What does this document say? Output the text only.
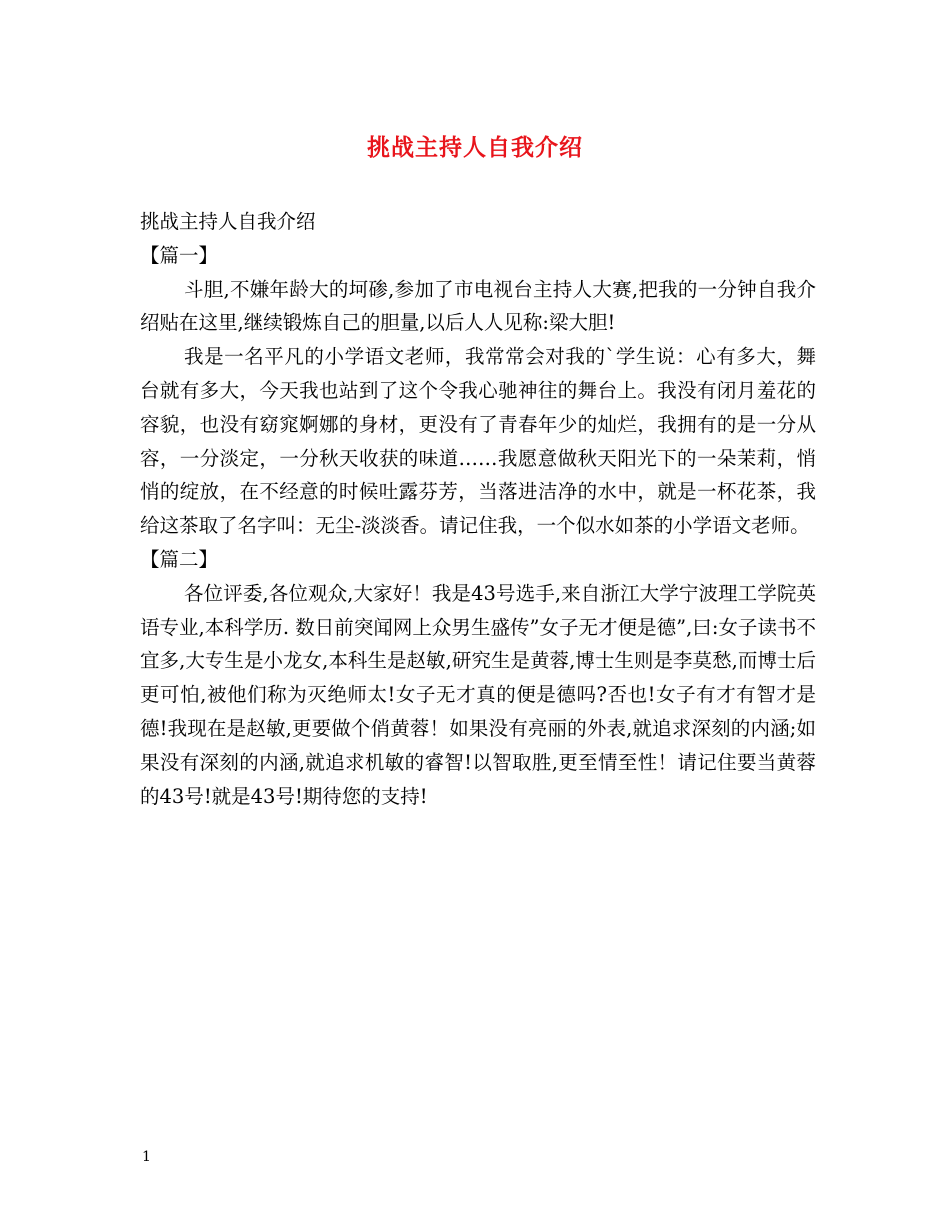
挑战主持人自我介绍

挑战主持人自我介绍

【篇一】

斗胆,不嫌年龄大的坷碜,参加了市电视台主持人大赛,把我的一分钟自我介绍贴在这里,继续锻炼自己的胆量,以后人人见称:梁大胆!

我是一名平凡的小学语文老师，我常常会对我的`学生说：心有多大，舞台就有多大，今天我也站到了这个令我心驰神往的舞台上。我没有闭月羞花的容貌，也没有窈窕婀娜的身材，更没有了青春年少的灿烂，我拥有的是一分从容，一分淡定，一分秋天收获的味道……我愿意做秋天阳光下的一朵茉莉，悄悄的绽放，在不经意的时候吐露芬芳，当落进洁净的水中，就是一杯花茶，我给这茶取了名字叫：无尘-淡淡香。请记住我，一个似水如茶的小学语文老师。

【篇二】

各位评委,各位观众,大家好！我是43号选手,来自浙江大学宁波理工学院英语专业,本科学历. 数日前突闻网上众男生盛传”女子无才便是德”,曰:女子读书不宜多,大专生是小龙女,本科生是赵敏,研究生是黄蓉,博士生则是李莫愁,而博士后更可怕,被他们称为灭绝师太!女子无才真的便是德吗?否也!女子有才有智才是德!我现在是赵敏,更要做个俏黄蓉！如果没有亮丽的外表,就追求深刻的内涵;如果没有深刻的内涵,就追求机敏的睿智!以智取胜,更至情至性！请记住要当黄蓉的43号!就是43号!期待您的支持!

1
